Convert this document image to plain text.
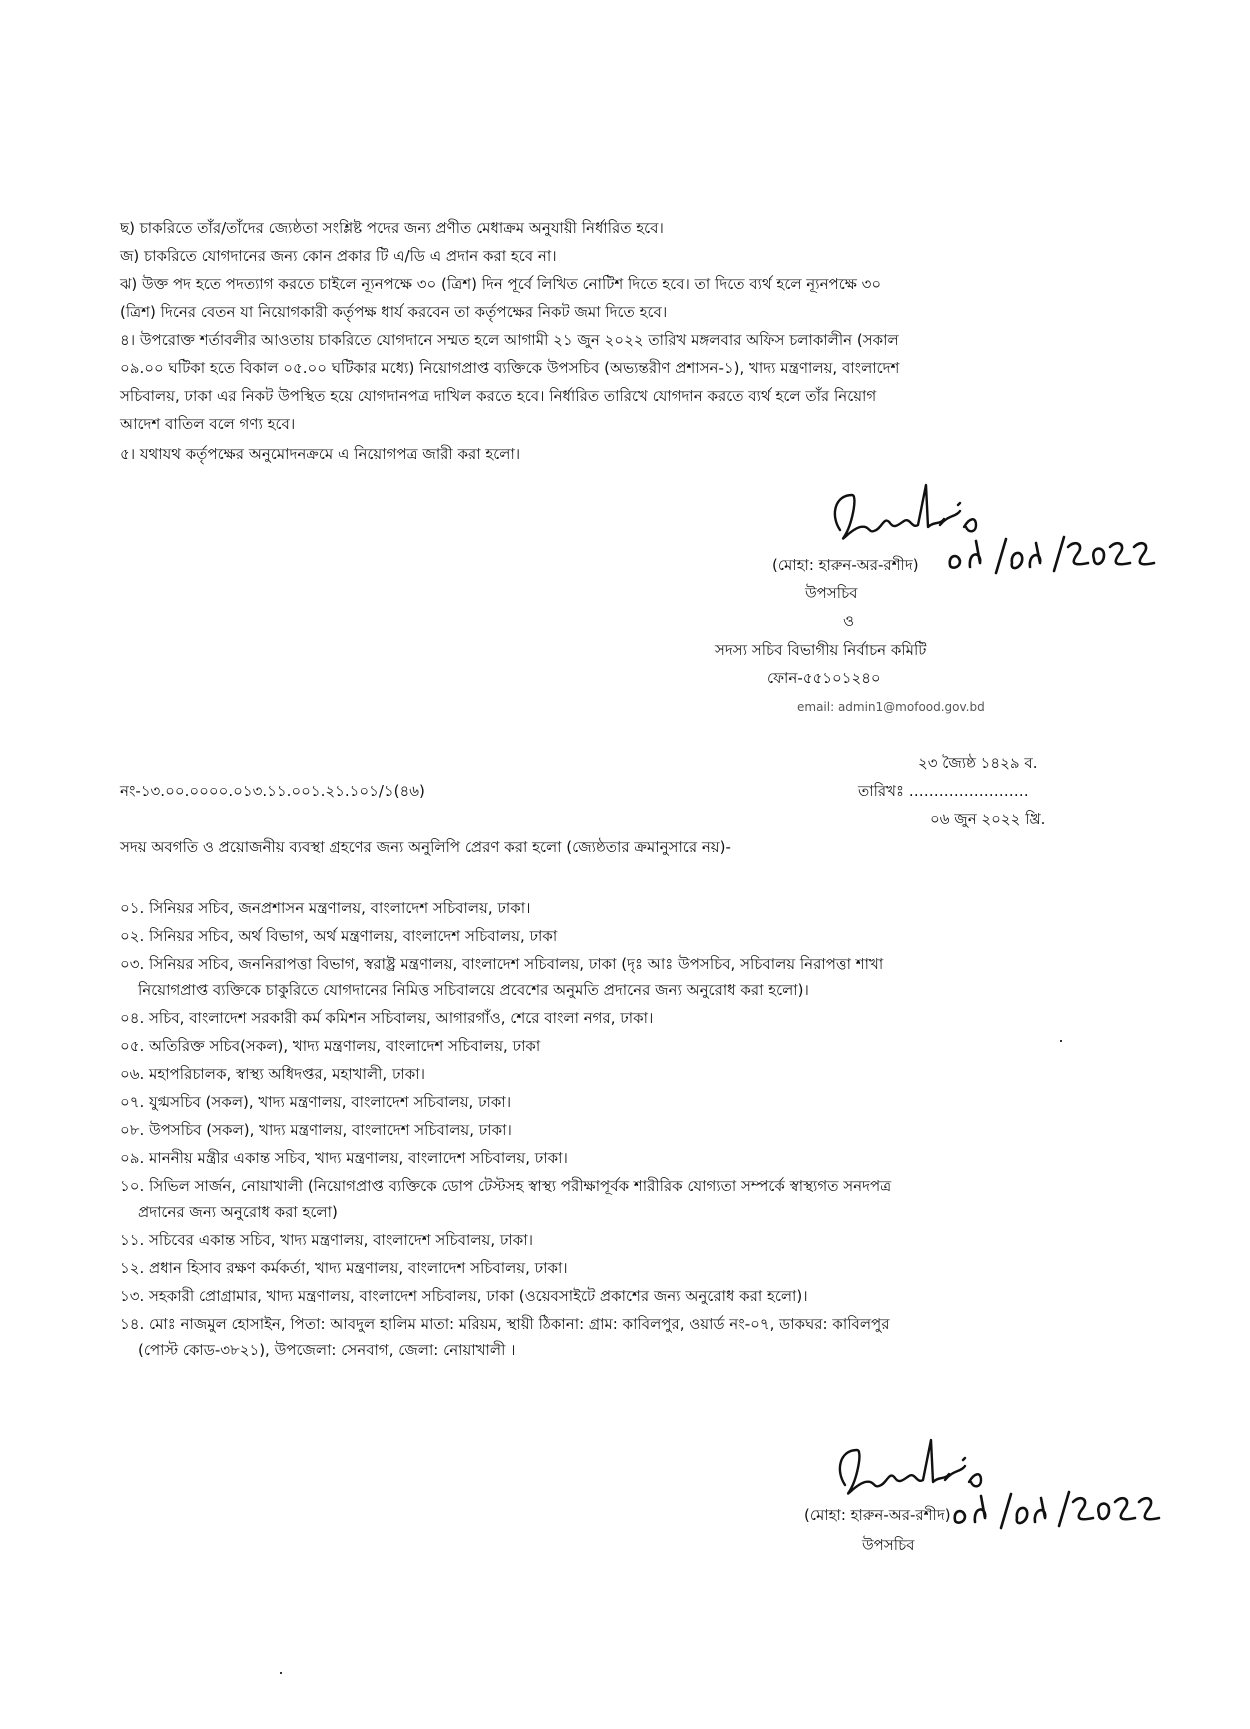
ছ) চাকরিতে তাঁর/তাঁদের জ্যেষ্ঠতা সংশ্লিষ্ট পদের জন্য প্রণীত মেধাক্রম অনুযায়ী নির্ধারিত হবে।
জ) চাকরিতে যোগদানের জন্য কোন প্রকার টি এ/ডি এ প্রদান করা হবে না।
ঝ) উক্ত পদ হতে পদত্যাগ করতে চাইলে ন্যূনপক্ষে ৩০ (ত্রিশ) দিন পূর্বে লিখিত নোটিশ দিতে হবে। তা দিতে ব্যর্থ হলে ন্যূনপক্ষে ৩০
(ত্রিশ) দিনের বেতন যা নিয়োগকারী কর্তৃপক্ষ ধার্য করবেন তা কর্তৃপক্ষের নিকট জমা দিতে হবে।
৪। উপরোক্ত শর্তাবলীর আওতায় চাকরিতে যোগদানে সম্মত হলে আগামী ২১ জুন ২০২২ তারিখ মঙ্গলবার অফিস চলাকালীন (সকাল
০৯.০০ ঘটিকা হতে বিকাল ০৫.০০ ঘটিকার মধ্যে) নিয়োগপ্রাপ্ত ব্যক্তিকে উপসচিব (অভ্যন্তরীণ প্রশাসন-১), খাদ্য মন্ত্রণালয়, বাংলাদেশ
সচিবালয়, ঢাকা এর নিকট উপস্থিত হয়ে যোগদানপত্র দাখিল করতে হবে। নির্ধারিত তারিখে যোগদান করতে ব্যর্থ হলে তাঁর নিয়োগ
আদেশ বাতিল বলে গণ্য হবে।
৫। যথাযথ কর্তৃপক্ষের অনুমোদনক্রমে এ নিয়োগপত্র জারী করা হলো।
(মোহা: হারুন-অর-রশীদ)
উপসচিব
ও
সদস্য সচিব বিভাগীয় নির্বাচন কমিটি
ফোন-৫৫১০১২৪০
email: admin1@mofood.gov.bd
২৩ জ্যৈষ্ঠ ১৪২৯ ব.
নং-১৩.০০.০০০০.০১৩.১১.০০১.২১.১০১/১(৪৬)	তারিখঃ ……………………
০৬ জুন ২০২২ খ্রি.
সদয় অবগতি ও প্রয়োজনীয় ব্যবস্থা গ্রহণের জন্য অনুলিপি প্রেরণ করা হলো (জ্যেষ্ঠতার ক্রমানুসারে নয়)-
০১. সিনিয়র সচিব, জনপ্রশাসন মন্ত্রণালয়, বাংলাদেশ সচিবালয়, ঢাকা।
০২. সিনিয়র সচিব, অর্থ বিভাগ, অর্থ মন্ত্রণালয়, বাংলাদেশ সচিবালয়, ঢাকা
০৩. সিনিয়র সচিব, জননিরাপত্তা বিভাগ, স্বরাষ্ট্র মন্ত্রণালয়, বাংলাদেশ সচিবালয়, ঢাকা (দৃঃ আঃ উপসচিব, সচিবালয় নিরাপত্তা শাখা
নিয়োগপ্রাপ্ত ব্যক্তিকে চাকুরিতে যোগদানের নিমিত্ত সচিবালয়ে প্রবেশের অনুমতি প্রদানের জন্য অনুরোধ করা হলো)।
০৪. সচিব, বাংলাদেশ সরকারী কর্ম কমিশন সচিবালয়, আগারগাঁও, শেরে বাংলা নগর, ঢাকা।
০৫. অতিরিক্ত সচিব(সকল), খাদ্য মন্ত্রণালয়, বাংলাদেশ সচিবালয়, ঢাকা
০৬. মহাপরিচালক, স্বাস্থ্য অধিদপ্তর, মহাখালী, ঢাকা।
০৭. যুগ্মসচিব (সকল), খাদ্য মন্ত্রণালয়, বাংলাদেশ সচিবালয়, ঢাকা।
০৮. উপসচিব (সকল), খাদ্য মন্ত্রণালয়, বাংলাদেশ সচিবালয়, ঢাকা।
০৯. মাননীয় মন্ত্রীর একান্ত সচিব, খাদ্য মন্ত্রণালয়, বাংলাদেশ সচিবালয়, ঢাকা।
১০. সিভিল সার্জন, নোয়াখালী (নিয়োগপ্রাপ্ত ব্যক্তিকে ডোপ টেস্টসহ স্বাস্থ্য পরীক্ষাপূর্বক শারীরিক যোগ্যতা সম্পর্কে স্বাস্থ্যগত সনদপত্র
প্রদানের জন্য অনুরোধ করা হলো)
১১. সচিবের একান্ত সচিব, খাদ্য মন্ত্রণালয়, বাংলাদেশ সচিবালয়, ঢাকা।
১২. প্রধান হিসাব রক্ষণ কর্মকর্তা, খাদ্য মন্ত্রণালয়, বাংলাদেশ সচিবালয়, ঢাকা।
১৩. সহকারী প্রোগ্রামার, খাদ্য মন্ত্রণালয়, বাংলাদেশ সচিবালয়, ঢাকা (ওয়েবসাইটে প্রকাশের জন্য অনুরোধ করা হলো)।
১৪. মোঃ নাজমুল হোসাইন, পিতা: আবদুল হালিম মাতা: মরিয়ম, স্থায়ী ঠিকানা: গ্রাম: কাবিলপুর, ওয়ার্ড নং-০৭, ডাকঘর: কাবিলপুর
(পোস্ট কোড-৩৮২১), উপজেলা: সেনবাগ, জেলা: নোয়াখালী ।
(মোহা: হারুন-অর-রশীদ)
উপসচিব
